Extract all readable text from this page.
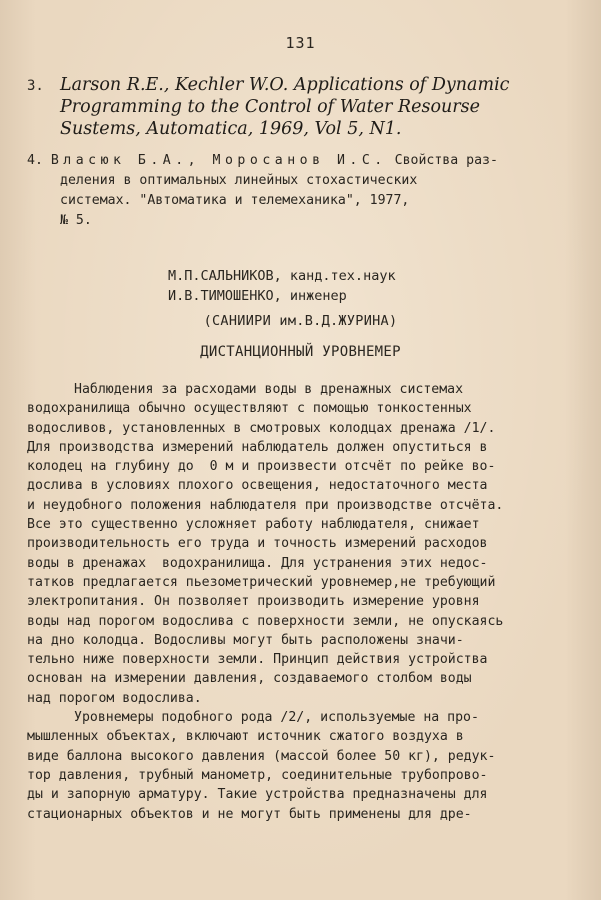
131
3. Larson R.E., Kechler W.O. Applications of Dynamic
Programming to the Control of Water Resourse
Sustems, Automatica, 1969, Vol 5, N1.
4. Власюк Б.А., Моросанов И.С. Свойства раз-
деления в оптимальных линейных стохастических
системах. "Автоматика и телемеханика", 1977,
№ 5.
М.П.САЛЬНИКОВ, канд.тех.наук
И.В.ТИМОШЕНКО, инженер
(САНИИРИ им.В.Д.ЖУРИНА)
ДИСТАНЦИОННЫЙ УРОВНЕМЕР
Наблюдения за расходами воды в дренажных системах
водохранилища обычно осуществляют с помощью тонкостенных
водосливов, установленных в смотровых колодцах дренажа /1/.
Для производства измерений наблюдатель должен опуститься в
колодец на глубину до  0 м и произвести отсчёт по рейке во-
дослива в условиях плохого освещения, недостаточного места
и неудобного положения наблюдателя при производстве отсчёта.
Все это существенно усложняет работу наблюдателя, снижает
производительность его труда и точность измерений расходов
воды в дренажах  водохранилища. Для устранения этих недос-
татков предлагается пьезометрический уровнемер,не требующий
электропитания. Он позволяет производить измерение уровня
воды над порогом водослива с поверхности земли, не опускаясь
на дно колодца. Водосливы могут быть расположены значи-
тельно ниже поверхности земли. Принцип действия устройства
основан на измерении давления, создаваемого столбом воды
над порогом водослива.
Уровнемеры подобного рода /2/, используемые на про-
мышленных объектах, включают источник сжатого воздуха в
виде баллона высокого давления (массой более 50 кг), редук-
тор давления, трубный манометр, соединительные трубопрово-
ды и запорную арматуру. Такие устройства предназначены для
стационарных объектов и не могут быть применены для дре-
